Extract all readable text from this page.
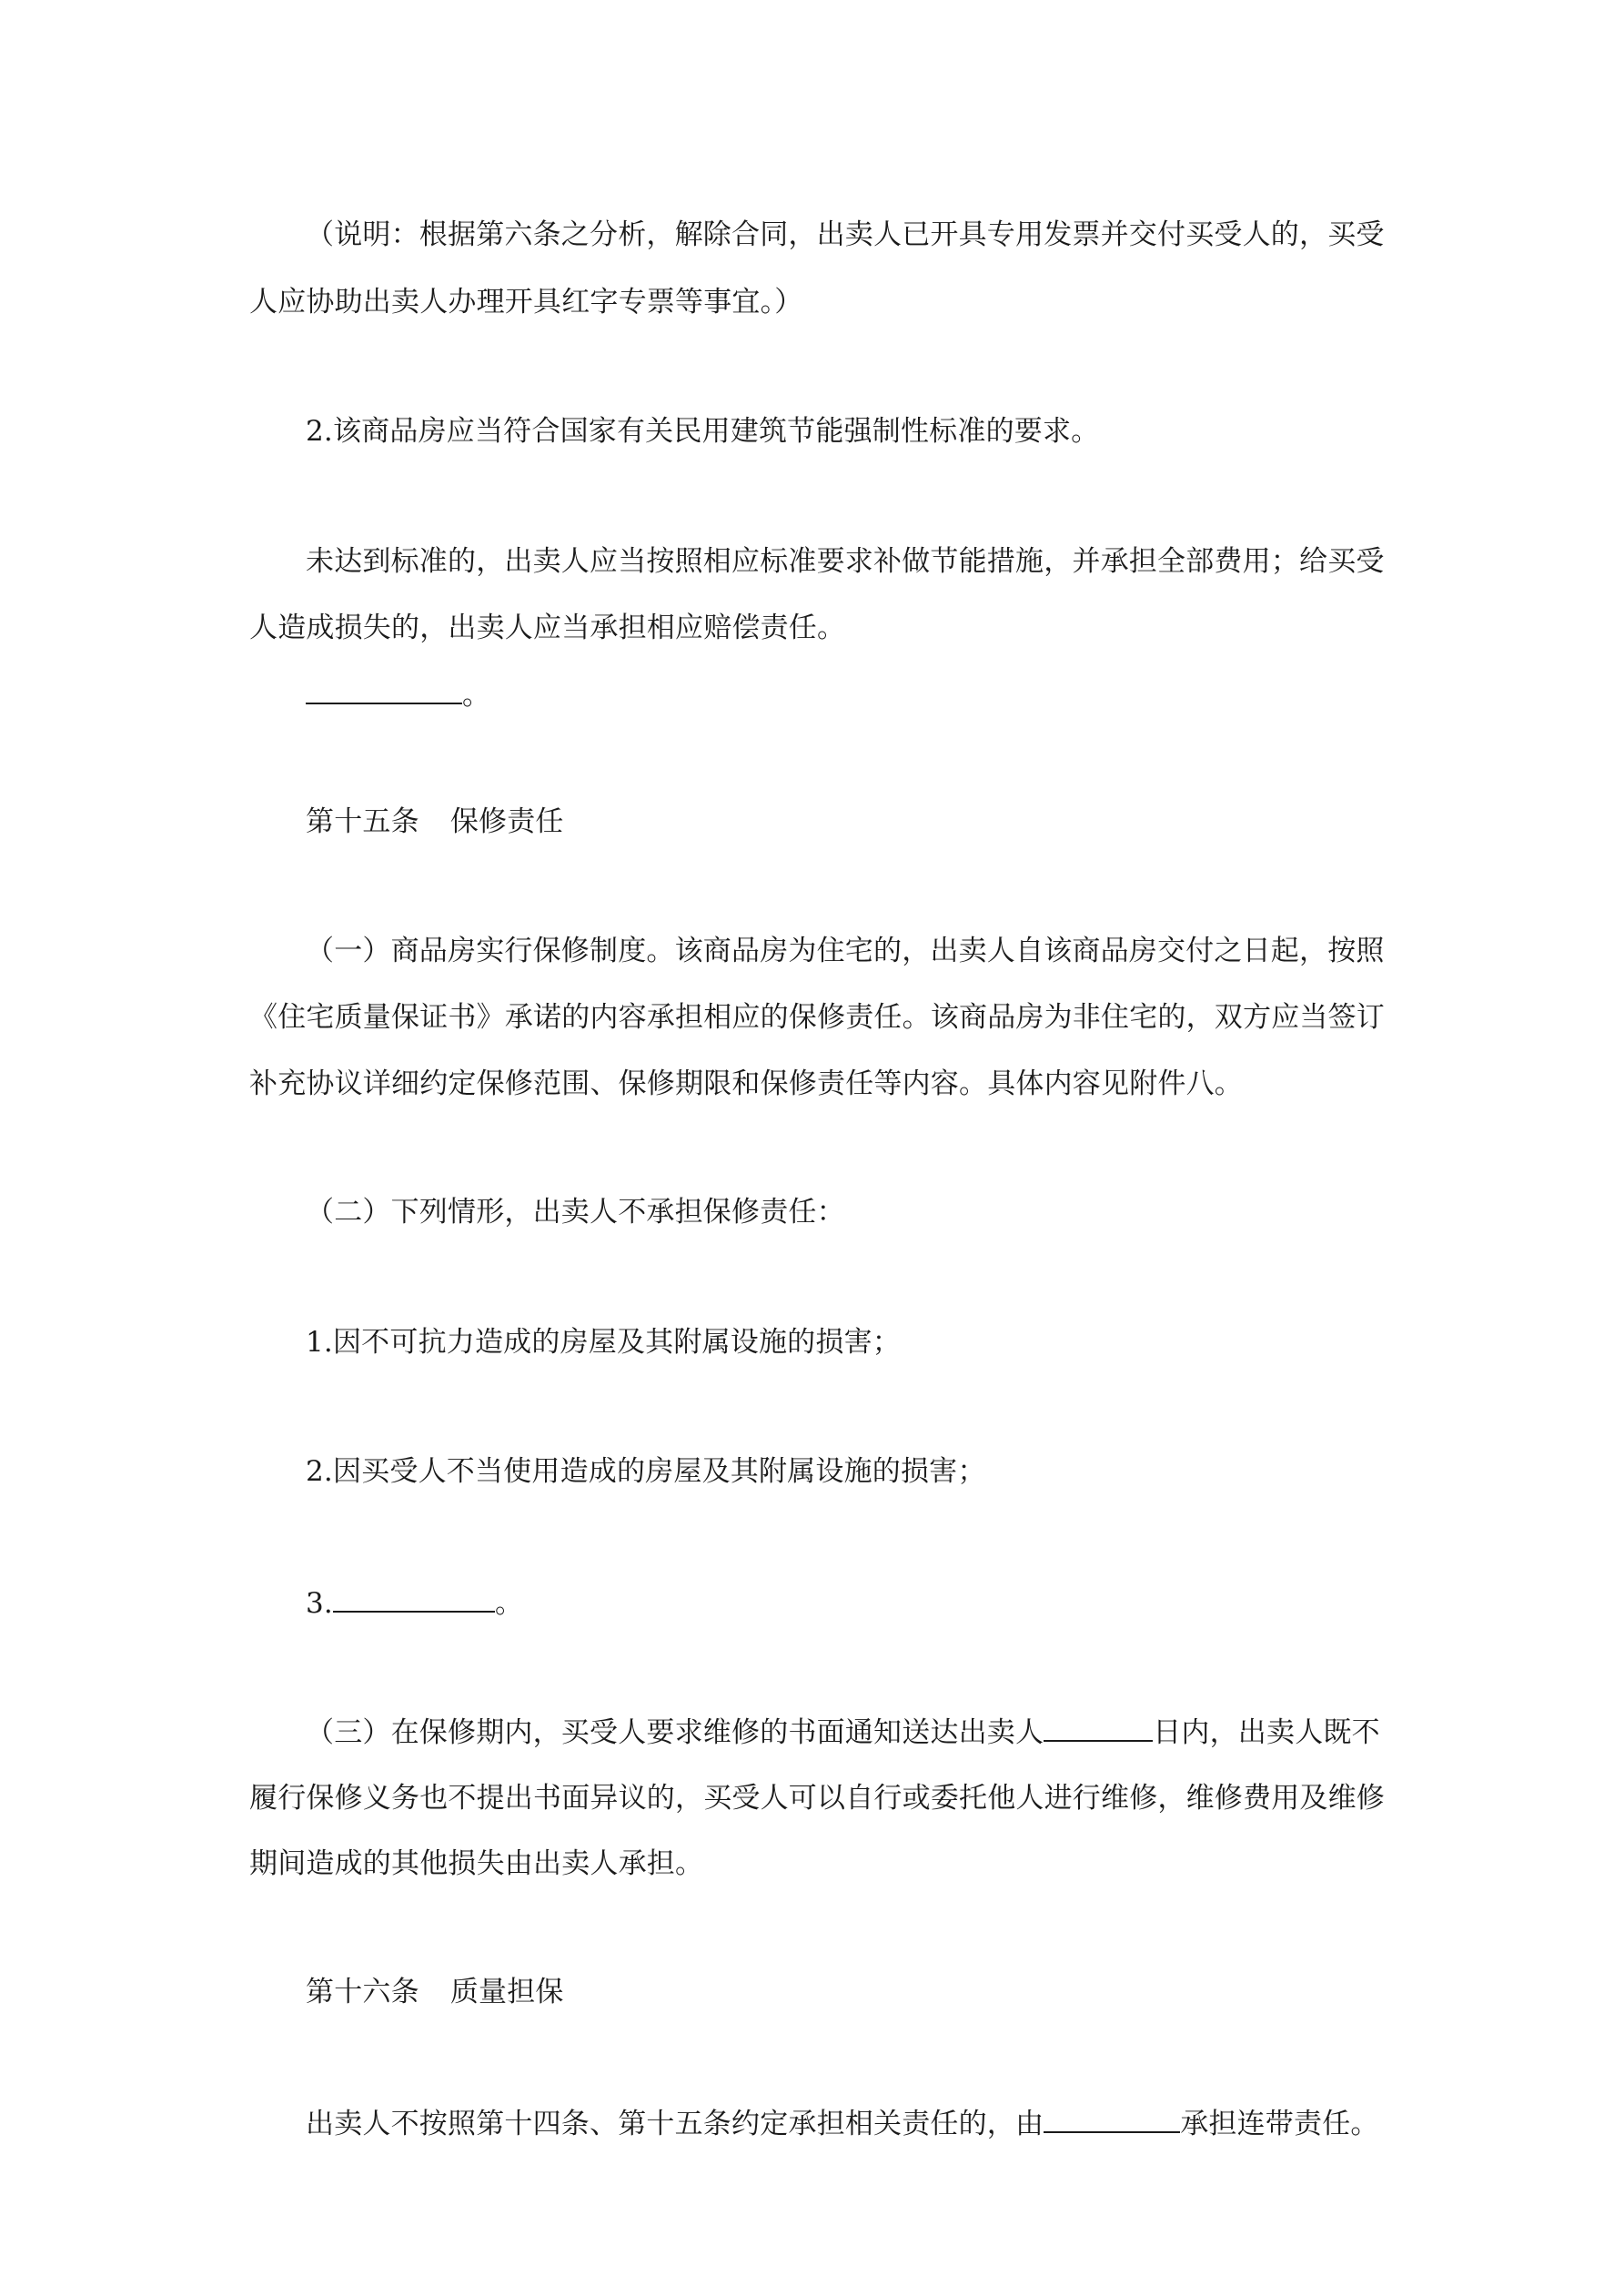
（说明：根据第六条之分析，解除合同，出卖人已开具专用发票并交付买受人的，买受
人应协助出卖人办理开具红字专票等事宜。）
2.该商品房应当符合国家有关民用建筑节能强制性标准的要求。
未达到标准的，出卖人应当按照相应标准要求补做节能措施，并承担全部费用；给买受
人造成损失的，出卖人应当承担相应赔偿责任。
。
第十五条 保修责任
（一）商品房实行保修制度。该商品房为住宅的，出卖人自该商品房交付之日起，按照
《住宅质量保证书》承诺的内容承担相应的保修责任。该商品房为非住宅的，双方应当签订
补充协议详细约定保修范围、保修期限和保修责任等内容。具体内容见附件八。
（二）下列情形，出卖人不承担保修责任：
1.因不可抗力造成的房屋及其附属设施的损害；
2.因买受人不当使用造成的房屋及其附属设施的损害；
3.	。
（三）在保修期内，买受人要求维修的书面通知送达出卖人	日内，出卖人既不
履行保修义务也不提出书面异议的，买受人可以自行或委托他人进行维修，维修费用及维修
期间造成的其他损失由出卖人承担。
第十六条 质量担保
出卖人不按照第十四条、第十五条约定承担相关责任的，由	承担连带责任。
